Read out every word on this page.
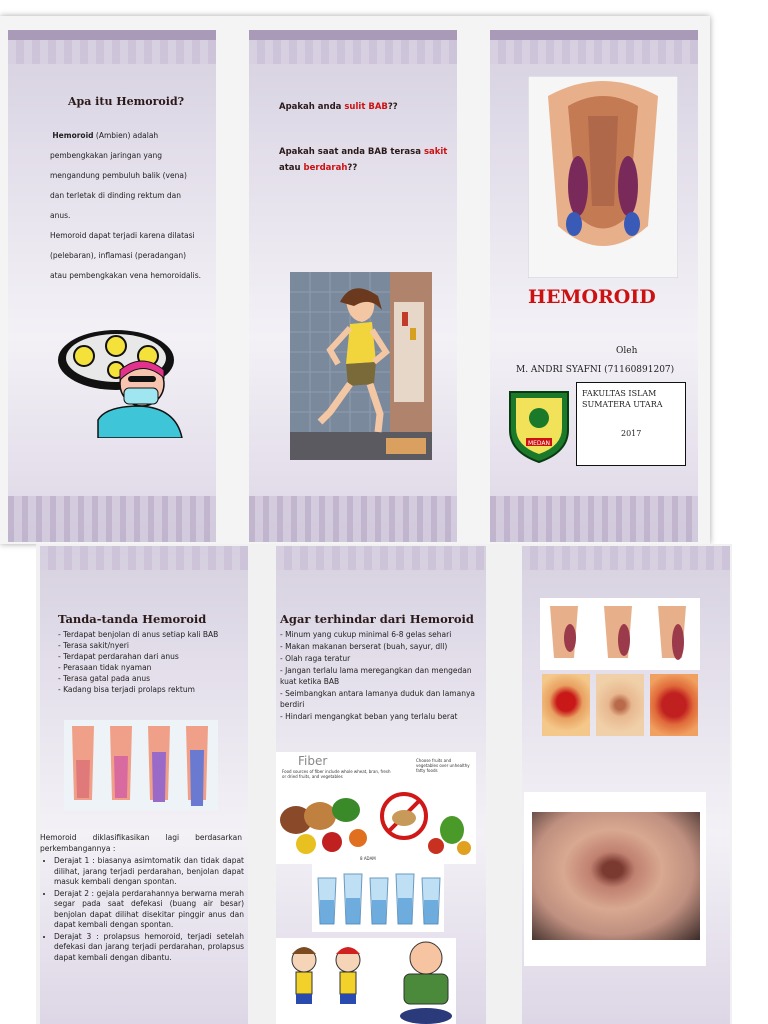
Apa itu Hemoroid?
Hemoroid (Ambien) adalah pembengkakan jaringan yang mengandung pembuluh balik (vena) dan terletak di dinding rektum dan anus.
Hemoroid dapat terjadi karena dilatasi (pelebaran), inflamasi (peradangan) atau pembengkakan vena hemoroidalis.
Apakah anda sulit BAB??
Apakah saat anda BAB terasa sakit atau berdarah??
HEMOROID
Oleh
M. ANDRI SYAFNI (71160891207)
MEDAN
FAKULTAS ISLAM SUMATERA UTARA
2017
Tanda-tanda Hemoroid
- Terdapat benjolan di anus setiap kali BAB
- Terasa sakit/nyeri
- Terdapat perdarahan dari anus
- Perasaan tidak nyaman
- Terasa gatal pada anus
- Kadang bisa terjadi prolaps rektum
Hemoroid diklasifikasikan lagi berdasarkan perkembangannya :
• Derajat 1 : biasanya asimtomatik dan tidak dapat dilihat, jarang terjadi perdarahan, benjolan dapat masuk kembali dengan spontan.
• Derajat 2 : gejala perdarahannya berwarna merah segar pada saat defekasi (buang air besar) benjolan dapat dilihat disekitar pinggir anus dan dapat kembali dengan spontan.
• Derajat 3 : prolapsus hemoroid, terjadi setelah defekasi dan jarang terjadi perdarahan, prolapsus dapat kembali dengan dibantu.
Agar terhindar dari Hemoroid
- Minum yang cukup minimal 6-8 gelas sehari
- Makan makanan berserat (buah, sayur, dll)
- Olah raga teratur
- Jangan terlalu lama meregangkan dan mengedan kuat ketika BAB
- Seimbangkan antara lamanya duduk dan lamanya berdiri
- Hindari mengangkat beban yang terlalu berat
Fiber
Food sources of fiber include whole wheat, bran, fresh or dried fruits, and vegetables
Choose fruits and vegetables over unhealthy fatty foods
8 ADAM
